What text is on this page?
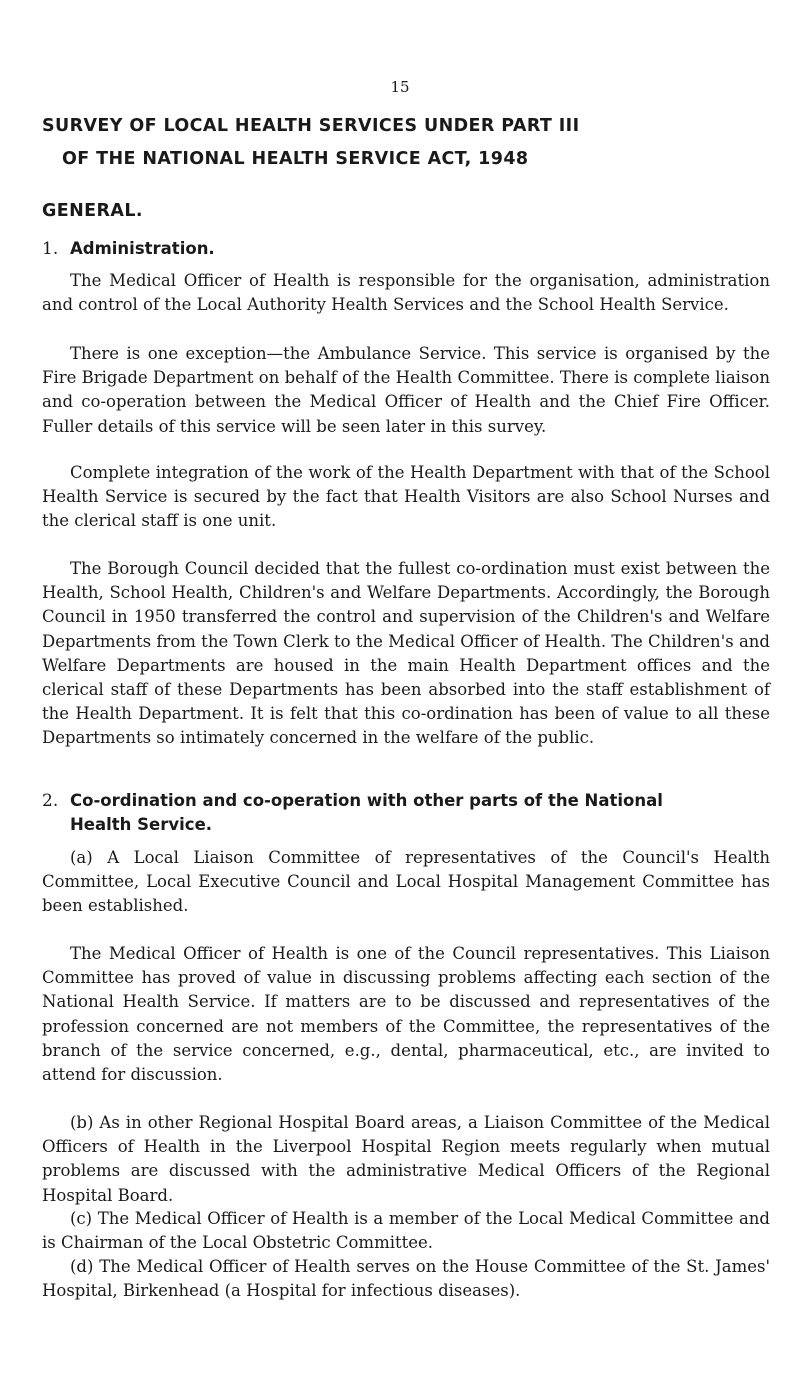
15
SURVEY OF LOCAL HEALTH SERVICES UNDER PART III
OF THE NATIONAL HEALTH SERVICE ACT, 1948
GENERAL.
1. Administration.

The Medical Officer of Health is responsible for the organisation, administration and control of the Local Authority Health Services and the School Health Service.

There is one exception—the Ambulance Service. This service is organised by the Fire Brigade Department on behalf of the Health Committee. There is complete liaison and co-operation between the Medical Officer of Health and the Chief Fire Officer. Fuller details of this service will be seen later in this survey.

Complete integration of the work of the Health Department with that of the School Health Service is secured by the fact that Health Visitors are also School Nurses and the clerical staff is one unit.

The Borough Council decided that the fullest co-ordination must exist between the Health, School Health, Children's and Welfare Departments. Accordingly, the Borough Council in 1950 transferred the control and supervision of the Children's and Welfare Departments from the Town Clerk to the Medical Officer of Health. The Children's and Welfare Departments are housed in the main Health Department offices and the clerical staff of these Departments has been absorbed into the staff establishment of the Health Department. It is felt that this co-ordination has been of value to all these Departments so intimately concerned in the welfare of the public.

2. Co-ordination and co-operation with other parts of the National
Health Service.

(a) A Local Liaison Committee of representatives of the Council's Health Committee, Local Executive Council and Local Hospital Management Committee has been established.

The Medical Officer of Health is one of the Council representatives. This Liaison Committee has proved of value in discussing problems affecting each section of the National Health Service. If matters are to be discussed and representatives of the profession concerned are not members of the Committee, the representatives of the branch of the service concerned, e.g., dental, pharmaceutical, etc., are invited to attend for discussion.

(b) As in other Regional Hospital Board areas, a Liaison Committee of the Medical Officers of Health in the Liverpool Hospital Region meets regularly when mutual problems are discussed with the administrative Medical Officers of the Regional Hospital Board.

(c) The Medical Officer of Health is a member of the Local Medical Committee and is Chairman of the Local Obstetric Committee.

(d) The Medical Officer of Health serves on the House Committee of the St. James' Hospital, Birkenhead (a Hospital for infectious diseases).
